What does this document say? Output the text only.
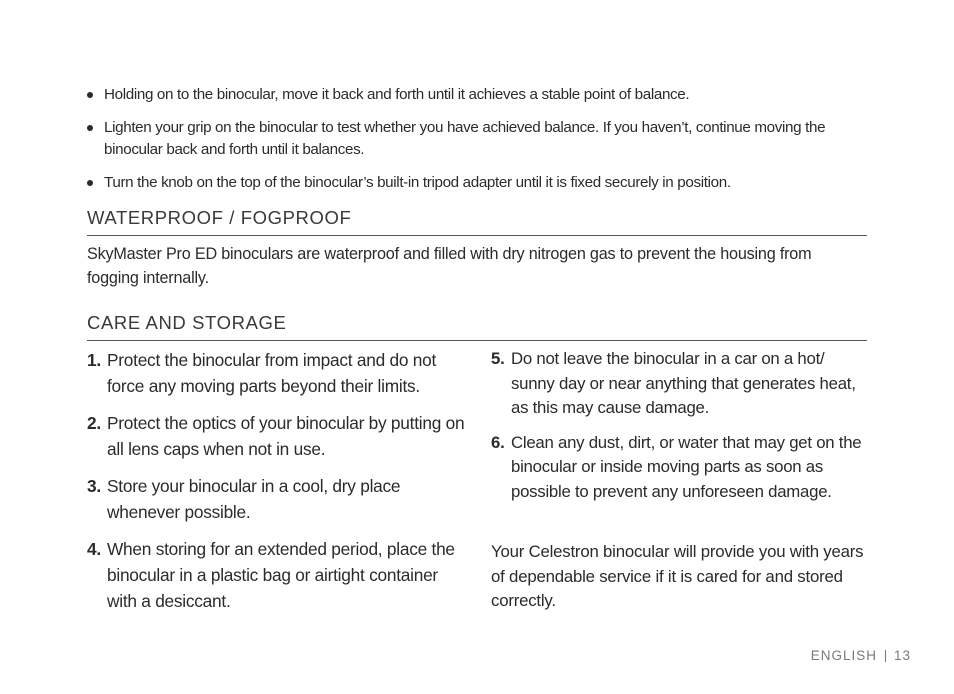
Holding on to the binocular, move it back and forth until it achieves a stable point of balance.
Lighten your grip on the binocular to test whether you have achieved balance. If you haven’t, continue moving the binocular back and forth until it balances.
Turn the knob on the top of the binocular’s built-in tripod adapter until it is fixed securely in position.
WATERPROOF / FOGPROOF
SkyMaster Pro ED binoculars are waterproof and filled with dry nitrogen gas to prevent the housing from fogging internally.
CARE AND STORAGE
1. Protect the binocular from impact and do not force any moving parts beyond their limits.
2. Protect the optics of your binocular by putting on all lens caps when not in use.
3. Store your binocular in a cool, dry place whenever possible.
4. When storing for an extended period, place the binocular in a plastic bag or airtight container with a desiccant.
5. Do not leave the binocular in a car on a hot/ sunny day or near anything that generates heat, as this may cause damage.
6. Clean any dust, dirt, or water that may get on the binocular or inside moving parts as soon as possible to prevent any unforeseen damage.
Your Celestron binocular will provide you with years of dependable service if it is cared for and stored correctly.
ENGLISH 13
